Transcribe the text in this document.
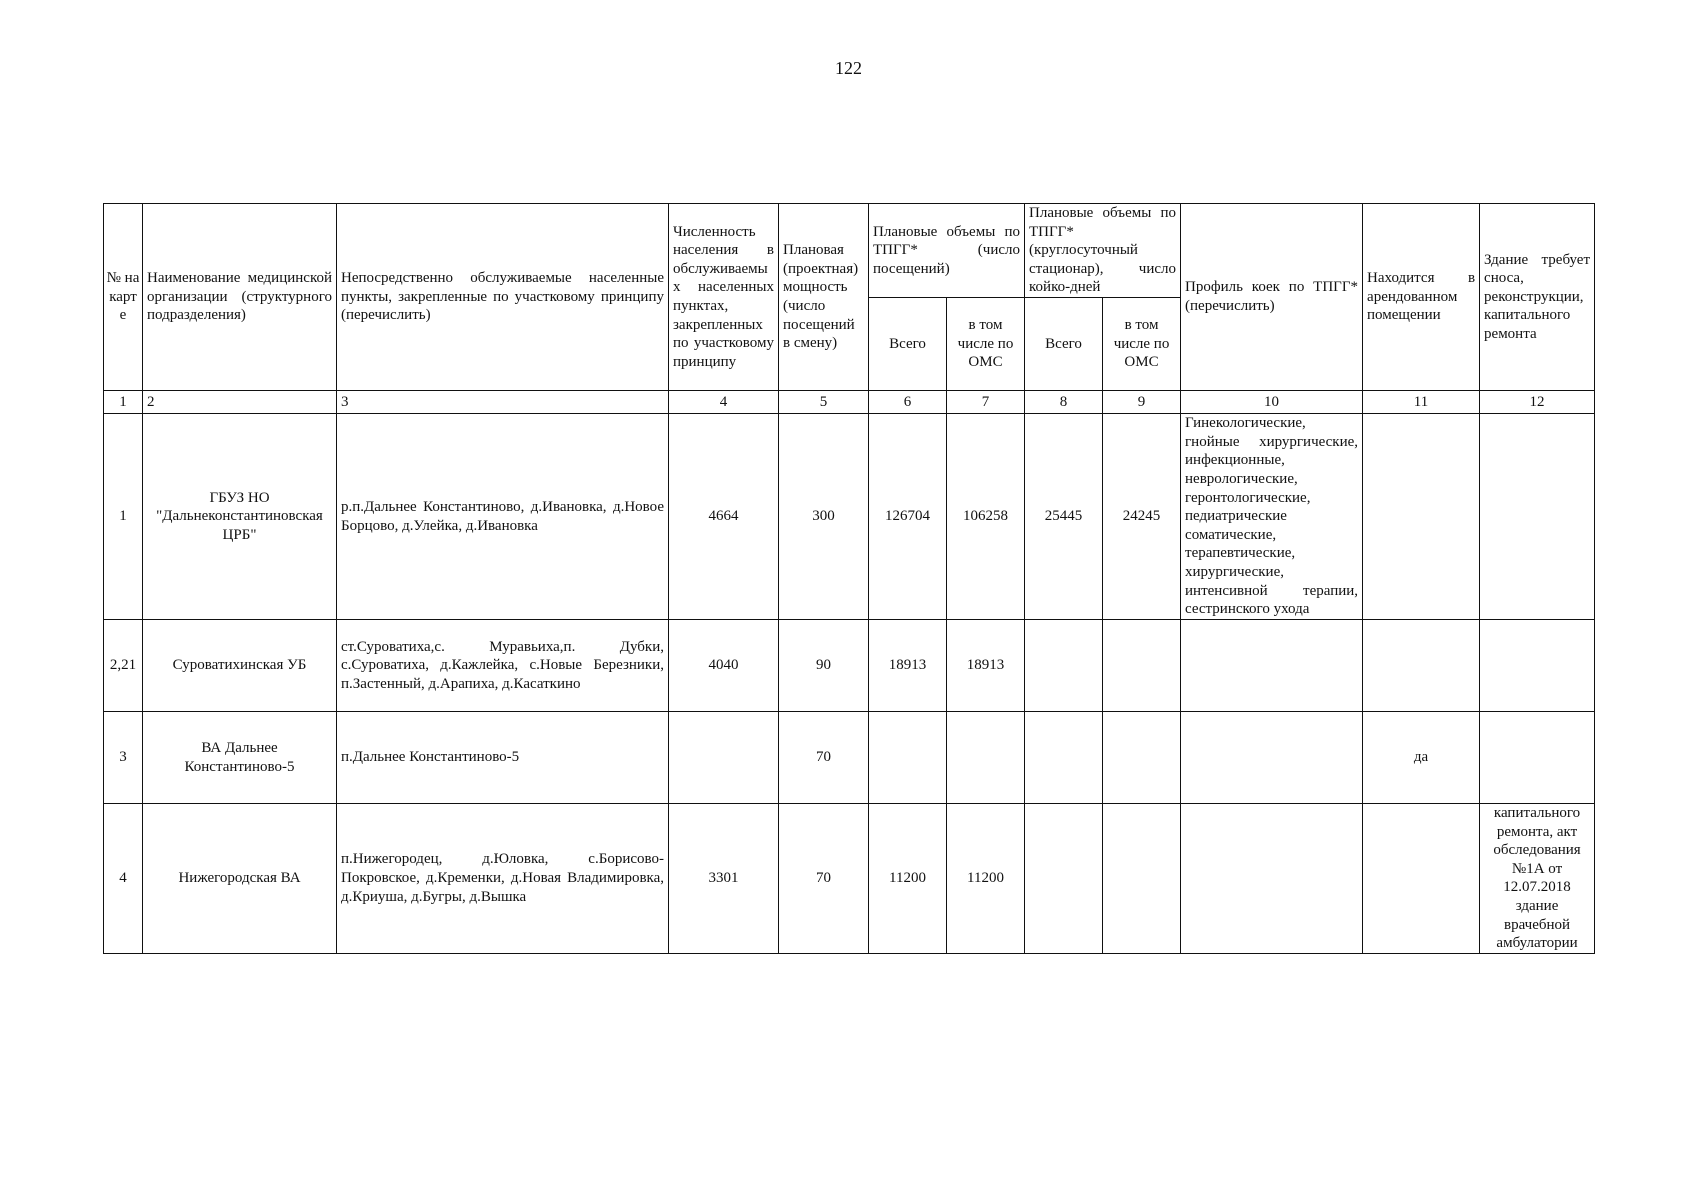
122
№ на карте	Наименование медицинской организации (структурного подразделения)	Непосредственно обслуживаемые населенные пункты, закрепленные по участковому принципу (перечислить)	Численность населения в обслуживаемых населенных пунктах, закрепленных по участковому принципу	Плановая (проектная) мощность (число посещений в смену)	Плановые объемы по ТПГГ* (число посещений)		Плановые объемы по ТПГГ* (круглосуточный стационар), число койко-дней		Профиль коек по ТПГГ* (перечислить)	Находится в арендованном помещении	Здание требует сноса, реконструкции, капитального ремонта
					Всего	в том числе по ОМС	Всего	в том числе по ОМС			
1	2	3	4	5	6	7	8	9	10	11	12
1	ГБУЗ НО "Дальнеконстантиновская ЦРБ"	р.п.Дальнее Константиново, д.Ивановка, д.Новое Борцово, д.Улейка, д.Ивановка	4664	300	126704	106258	25445	24245	Гинекологические, гнойные хирургические, инфекционные, неврологические, геронтологические, педиатрические соматические, терапевтические, хирургические, интенсивной терапии, сестринского ухода		
2,21	Суроватихинская УБ	ст.Суроватиха,с. Муравьиха,п. Дубки, с.Суроватиха, д.Кажлейка, с.Новые Березники, п.Застенный, д.Арапиха, д.Касаткино	4040	90	18913	18913					
3	ВА Дальнее Константиново-5	п.Дальнее Константиново-5		70						да	
4	Нижегородская ВА	п.Нижегородец, д.Юловка, с.Борисово-Покровское, д.Кременки, д.Новая Владимировка, д.Криуша, д.Бугры, д.Вышка	3301	70	11200	11200					капитального ремонта, акт обследования №1А от 12.07.2018 здание врачебной амбулатории
